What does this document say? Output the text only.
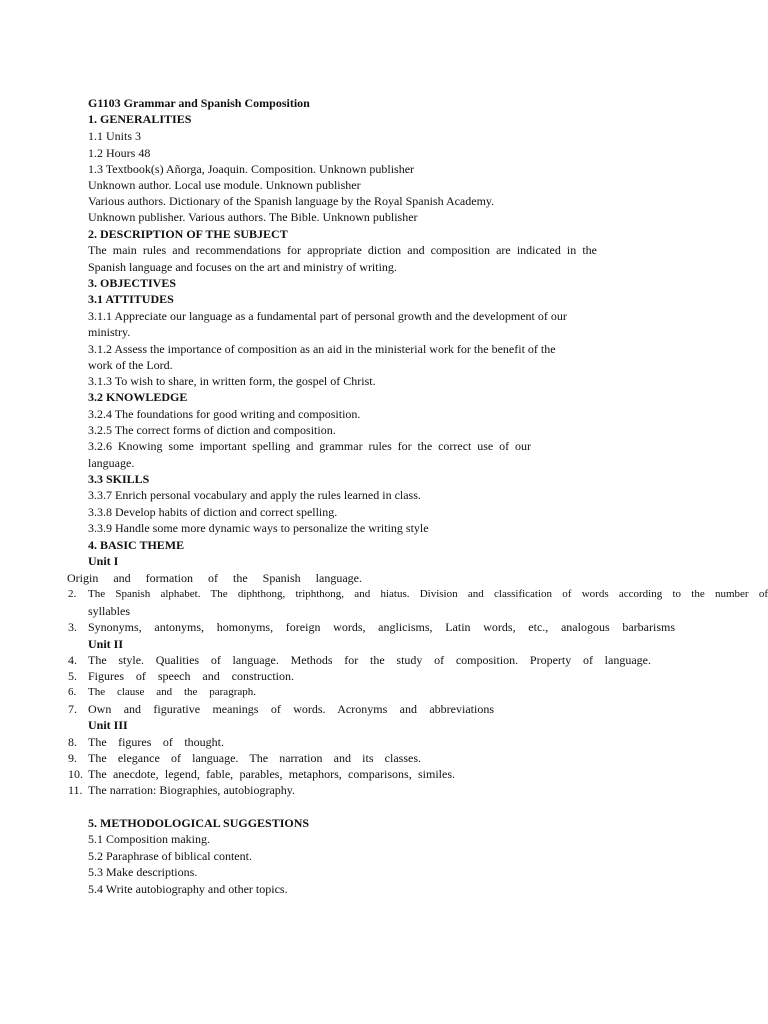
G1103 Grammar and Spanish Composition
1. GENERALITIES
1.1 Units 3
1.2 Hours 48
1.3 Textbook(s) Añorga, Joaquin. Composition. Unknown publisher
Unknown author. Local use module. Unknown publisher
Various authors. Dictionary of the Spanish language by the Royal Spanish Academy.
Unknown publisher. Various authors. The Bible. Unknown publisher
2. DESCRIPTION OF THE SUBJECT
The main rules and recommendations for appropriate diction and composition are indicated in the
Spanish language and focuses on the art and ministry of writing.
3. OBJECTIVES
3.1 ATTITUDES
3.1.1 Appreciate our language as a fundamental part of personal growth and the development of our
ministry.
3.1.2 Assess the importance of composition as an aid in the ministerial work for the benefit of the
work of the Lord.
3.1.3 To wish to share, in written form, the gospel of Christ.
3.2 KNOWLEDGE
3.2.4 The foundations for good writing and composition.
3.2.5 The correct forms of diction and composition.
3.2.6 Knowing some important spelling and grammar rules for the correct use of our
language.
3.3 SKILLS
3.3.7 Enrich personal vocabulary and apply the rules learned in class.
3.3.8 Develop habits of diction and correct spelling.
3.3.9 Handle some more dynamic ways to personalize the writing style
4. BASIC THEME
Unit I
Origin and formation of the Spanish language.
2. The Spanish alphabet. The diphthong, triphthong, and hiatus. Division and classification of words according to the number of
syllables
3. Synonyms, antonyms, homonyms, foreign words, anglicisms, Latin words, etc., analogous barbarisms
Unit II
4. The style. Qualities of language. Methods for the study of composition. Property of language.
5. Figures of speech and construction.
6. The clause and the paragraph.
7. Own and figurative meanings of words. Acronyms and abbreviations
Unit III
8. The figures of thought.
9. The elegance of language. The narration and its classes.
10. The anecdote, legend, fable, parables, metaphors, comparisons, similes.
11. The narration: Biographies, autobiography.
5. METHODOLOGICAL SUGGESTIONS
5.1 Composition making.
5.2 Paraphrase of biblical content.
5.3 Make descriptions.
5.4 Write autobiography and other topics.
